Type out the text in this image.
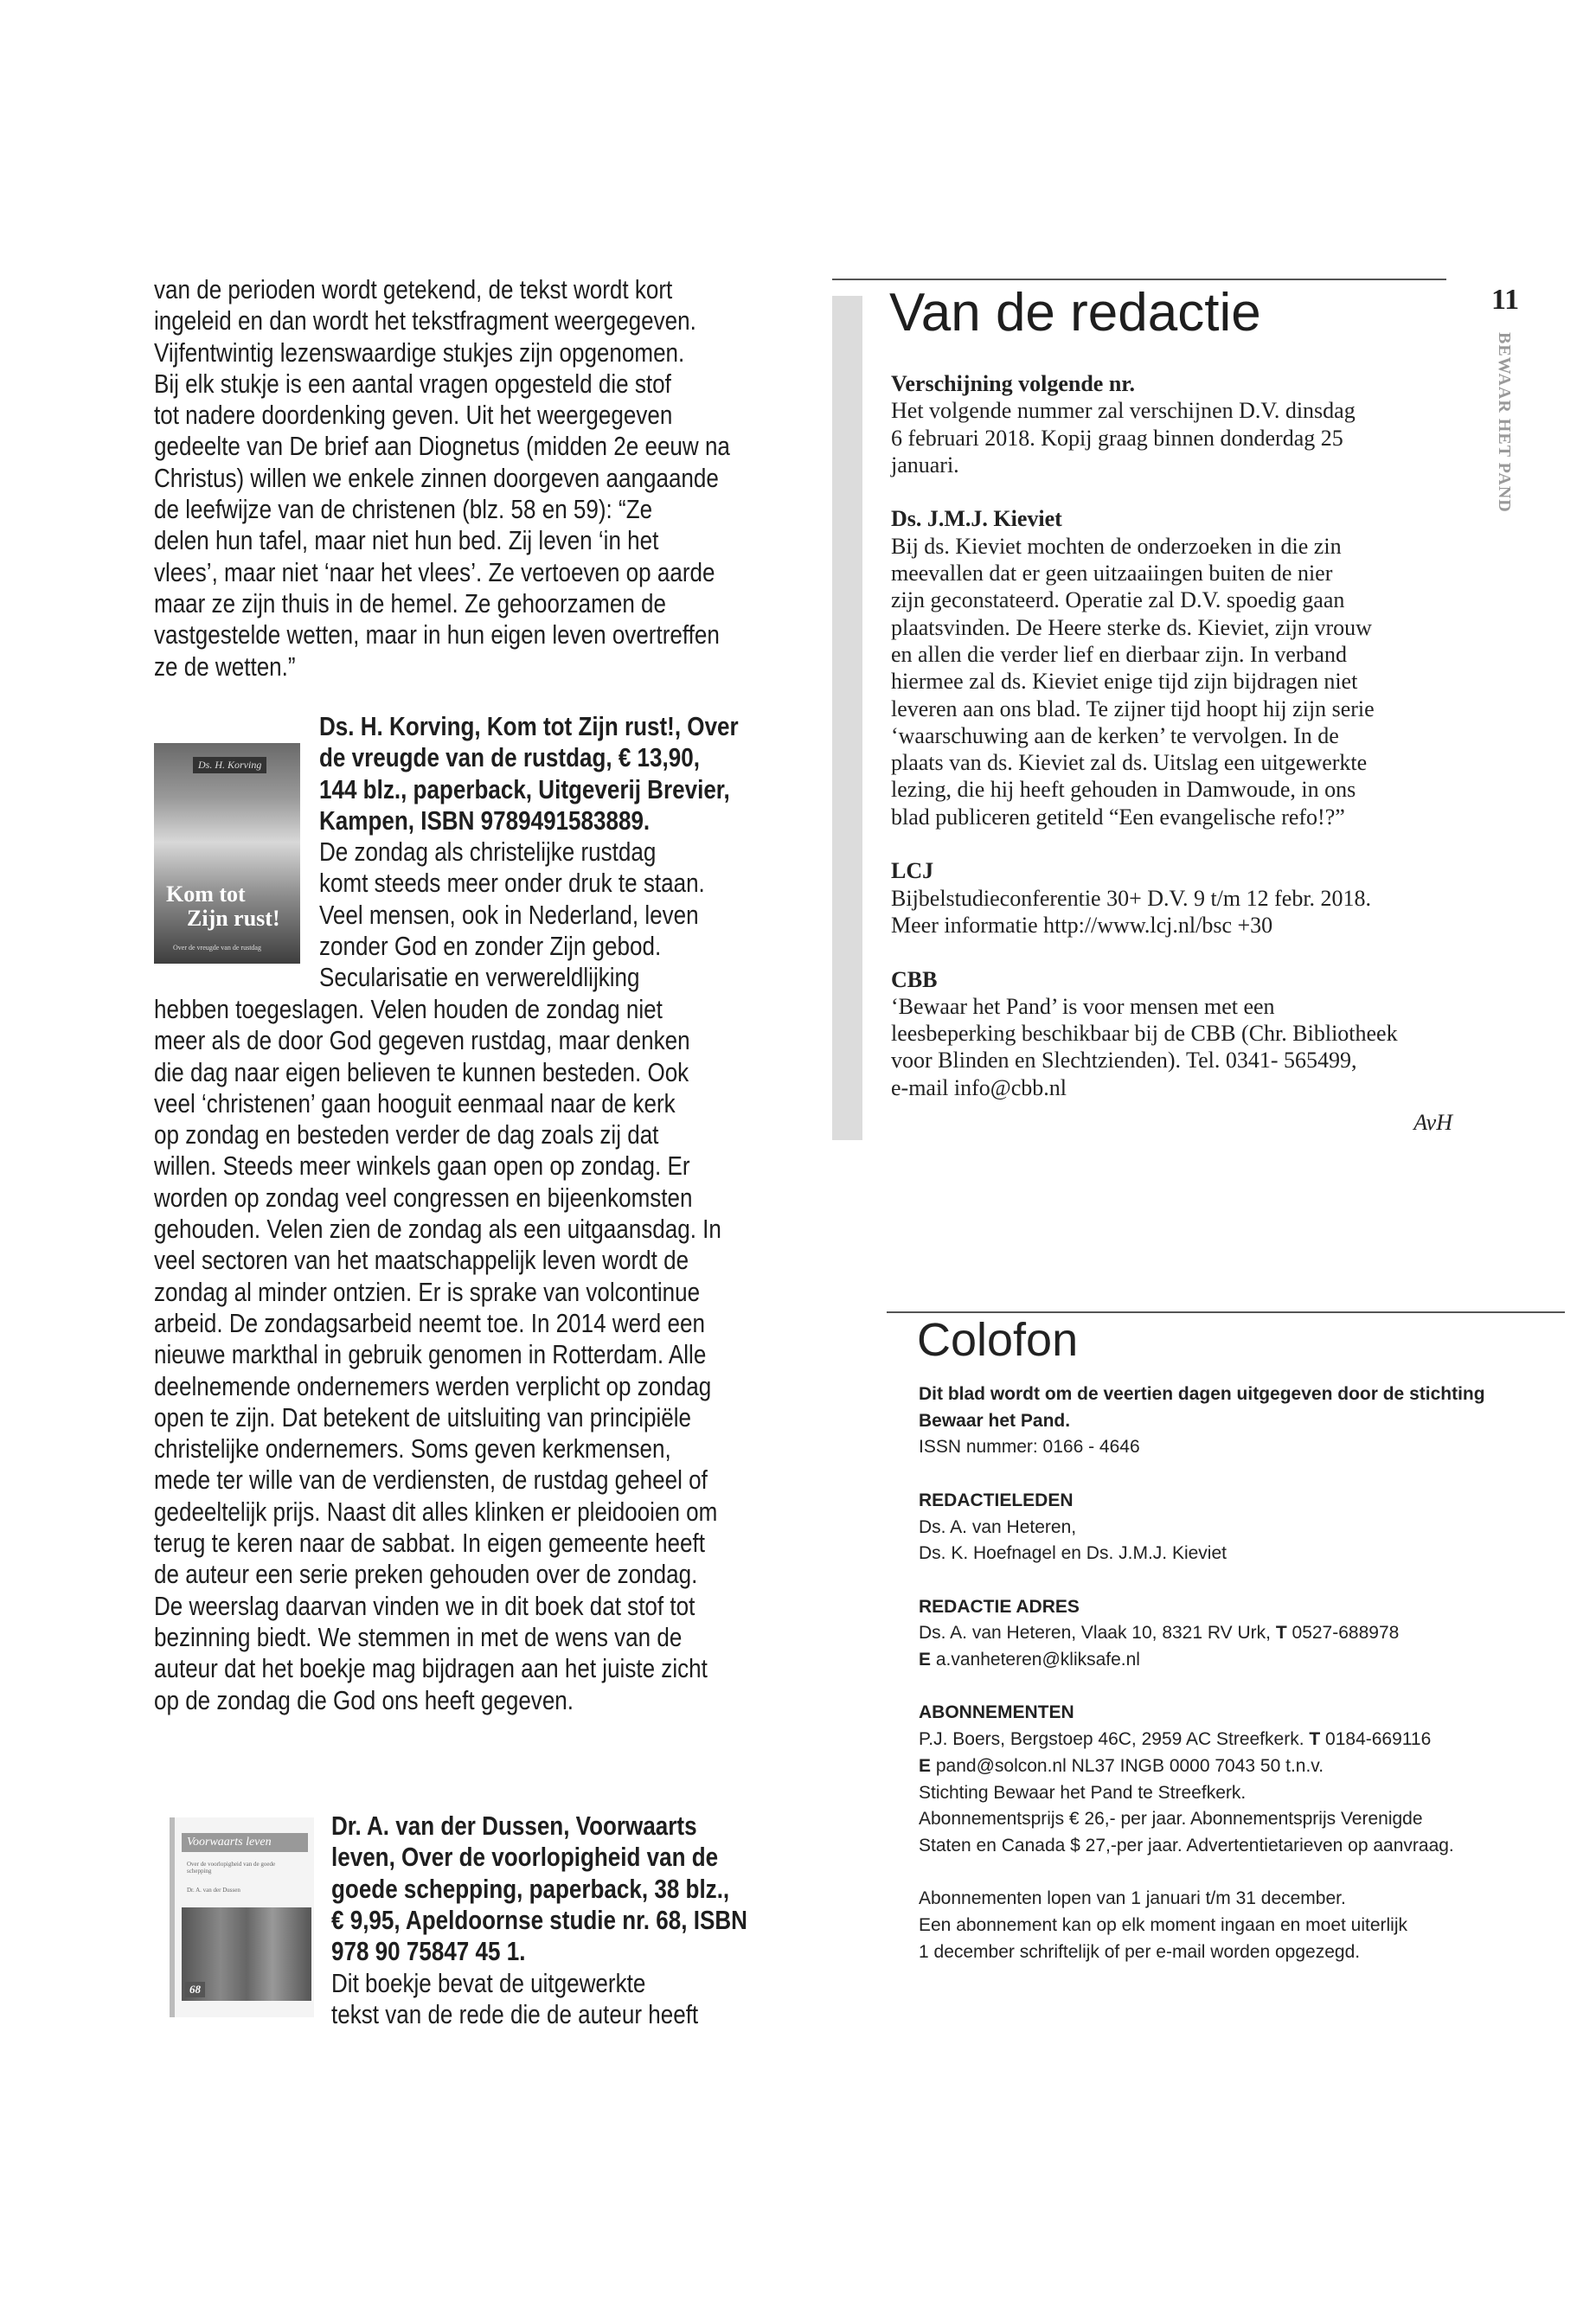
van de perioden wordt getekend, de tekst wordt kort
ingeleid en dan wordt het tekstfragment weergegeven.
Vijfentwintig lezenswaardige stukjes zijn opgenomen.
Bij elk stukje is een aantal vragen opgesteld die stof
tot nadere doordenking geven. Uit het weergegeven
gedeelte van De brief aan Diognetus (midden 2e eeuw na
Christus) willen we enkele zinnen doorgeven aangaande
de leefwijze van de christenen (blz. 58 en 59): “Ze
delen hun tafel, maar niet hun bed. Zij leven ‘in het
vlees’, maar niet ‘naar het vlees’. Ze vertoeven op aarde
maar ze zijn thuis in de hemel. Ze gehoorzamen de
vastgestelde wetten, maar in hun eigen leven overtreffen
ze de wetten.”
Ds. H. Korving
Kom tot
Zijn rust!
Over de vreugde van de rustdag
Ds. H. Korving, Kom tot Zijn rust!, Over
de vreugde van de rustdag, € 13,90,
144 blz., paperback, Uitgeverij Brevier,
Kampen, ISBN 9789491583889.
De zondag als christelijke rustdag
komt steeds meer onder druk te staan.
Veel mensen, ook in Nederland, leven
zonder God en zonder Zijn gebod.
Secularisatie en verwereldlijking
hebben toegeslagen. Velen houden de zondag niet
meer als de door God gegeven rustdag, maar denken
die dag naar eigen believen te kunnen besteden. Ook
veel ‘christenen’ gaan hooguit eenmaal naar de kerk
op zondag en besteden verder de dag zoals zij dat
willen. Steeds meer winkels gaan open op zondag. Er
worden op zondag veel congressen en bijeenkomsten
gehouden. Velen zien de zondag als een uitgaansdag. In
veel sectoren van het maatschappelijk leven wordt de
zondag al minder ontzien. Er is sprake van volcontinue
arbeid. De zondagsarbeid neemt toe. In 2014 werd een
nieuwe markthal in gebruik genomen in Rotterdam. Alle
deelnemende ondernemers werden verplicht op zondag
open te zijn. Dat betekent de uitsluiting van principiële
christelijke ondernemers. Soms geven kerkmensen,
mede ter wille van de verdiensten, de rustdag geheel of
gedeeltelijk prijs. Naast dit alles klinken er pleidooien om
terug te keren naar de sabbat. In eigen gemeente heeft
de auteur een serie preken gehouden over de zondag.
De weerslag daarvan vinden we in dit boek dat stof tot
bezinning biedt. We stemmen in met de wens van de
auteur dat het boekje mag bijdragen aan het juiste zicht
op de zondag die God ons heeft gegeven.
Voorwaarts leven
Over de voorlopigheid van de goede schepping
Dr. A. van der Dussen
68
Dr. A. van der Dussen, Voorwaarts
leven, Over de voorlopigheid van de
goede schepping, paperback, 38 blz.,
€ 9,95, Apeldoornse studie nr. 68, ISBN
978 90 75847 45 1.
Dit boekje bevat de uitgewerkte
tekst van de rede die de auteur heeft
Van de redactie	11
BEWAAR HET PAND
Verschijning volgende nr.
Het volgende nummer zal verschijnen D.V. dinsdag
6 februari 2018. Kopij graag binnen donderdag 25
januari.
Ds. J.M.J. Kieviet
Bij ds. Kieviet mochten de onderzoeken in die zin
meevallen dat er geen uitzaaiingen buiten de nier
zijn geconstateerd. Operatie zal D.V. spoedig gaan
plaatsvinden. De Heere sterke ds. Kieviet, zijn vrouw
en allen die verder lief en dierbaar zijn. In verband
hiermee zal ds. Kieviet enige tijd zijn bijdragen niet
leveren aan ons blad. Te zijner tijd hoopt hij zijn serie
‘waarschuwing aan de kerken’ te vervolgen. In de
plaats van ds. Kieviet zal ds. Uitslag een uitgewerkte
lezing, die hij heeft gehouden in Damwoude, in ons
blad publiceren getiteld “Een evangelische refo!?”
LCJ
Bijbelstudieconferentie 30+ D.V. 9 t/m 12 febr. 2018.
Meer informatie http://www.lcj.nl/bsc +30
CBB
‘Bewaar het Pand’ is voor mensen met een
leesbeperking beschikbaar bij de CBB (Chr. Bibliotheek
voor Blinden en Slechtzienden). Tel. 0341- 565499,
e-mail info@cbb.nl
AvH
Colofon
Dit blad wordt om de veertien dagen uitgegeven door de stichting
Bewaar het Pand.
ISSN nummer: 0166 - 4646
REDACTIELEDEN
Ds. A. van Heteren,
Ds. K. Hoefnagel en Ds. J.M.J. Kieviet
REDACTIE ADRES
Ds. A. van Heteren, Vlaak 10, 8321 RV Urk, T 0527-688978
E a.vanheteren@kliksafe.nl
ABONNEMENTEN
P.J. Boers, Bergstoep 46C, 2959 AC Streefkerk. T 0184-669116
E pand@solcon.nl NL37 INGB 0000 7043 50 t.n.v.
Stichting Bewaar het Pand te Streefkerk.
Abonnementsprijs € 26,- per jaar. Abonnementsprijs Verenigde
Staten en Canada $ 27,-per jaar. Advertentietarieven op aanvraag.
Abonnementen lopen van 1 januari t/m 31 december.
Een abonnement kan op elk moment ingaan en moet uiterlijk
1 december schriftelijk of per e-mail worden opgezegd.
